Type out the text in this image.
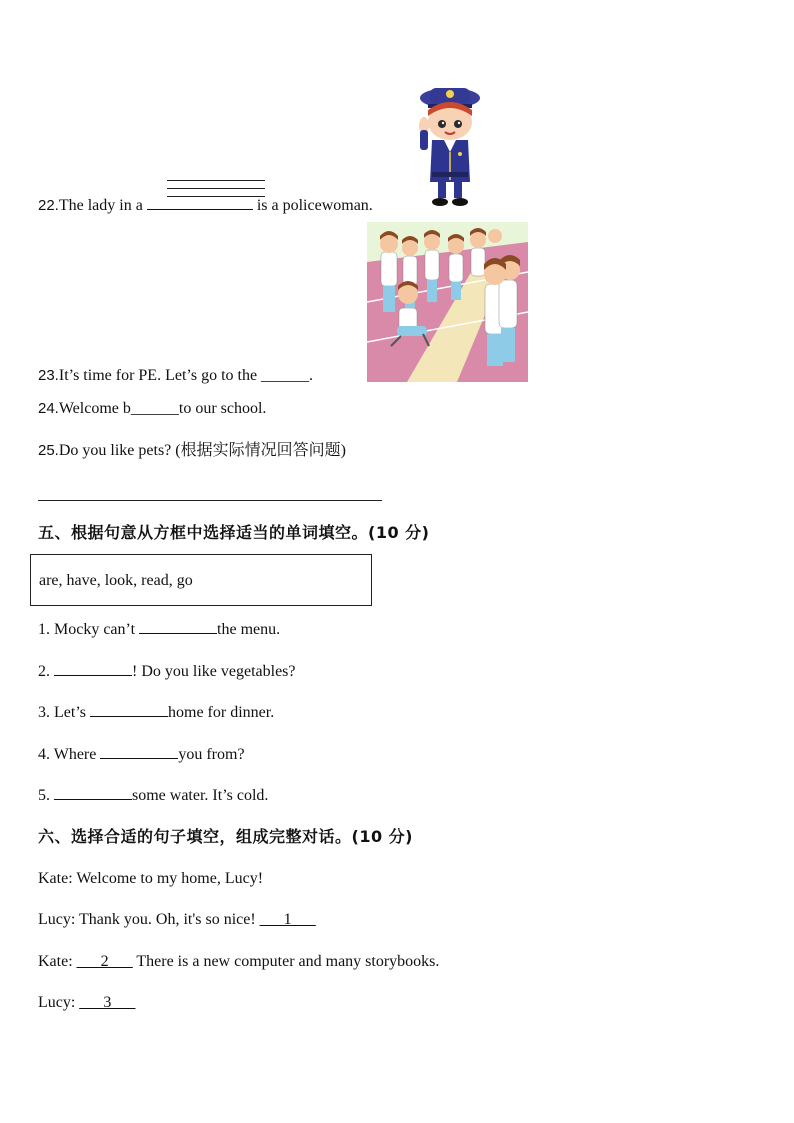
22.The lady in a	is a policewoman.
23.It’s time for PE. Let’s go to the ______.
24.Welcome b______to our school.
25.Do you like pets? (根据实际情况回答问题)
五、根据句意从方框中选择适当的单词填空。(10 分)
are, have, look, read, go
1. Mocky can’t	the menu.
2.	! Do you like vegetables?
3. Let’s	home for dinner.
4. Where	you from?
5.	some water. It’s cold.
六、选择合适的句子填空，组成完整对话。(10 分)
Kate: Welcome to my home, Lucy!
Lucy: Thank you. Oh, it's so nice! ___1___
Kate: ___2___ There is a new computer and many storybooks.
Lucy: ___3___
